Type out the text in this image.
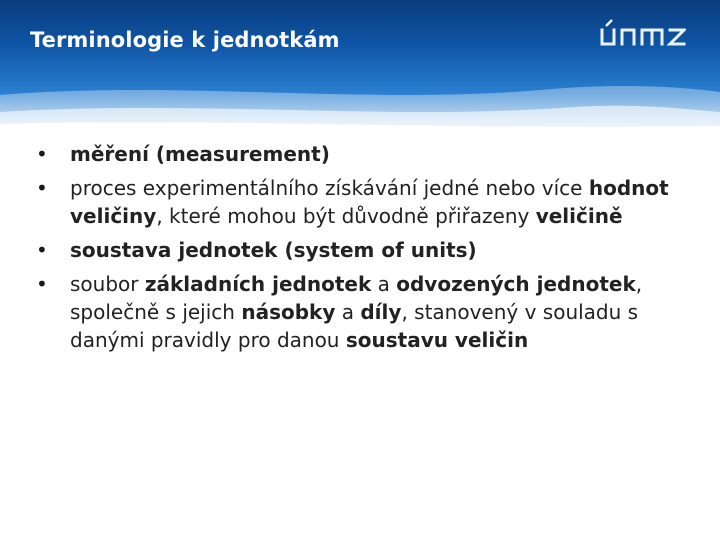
Terminologie k jednotkám
•	měření (measurement)
•	proces experimentálního získávání jedné nebo více hodnot veličiny, které mohou být důvodně přiřazeny veličině
•	soustava jednotek (system of units)
•	soubor základních jednotek a odvozených jednotek, společně s jejich násobky a díly, stanovený v souladu s danými pravidly pro danou soustavu veličin
